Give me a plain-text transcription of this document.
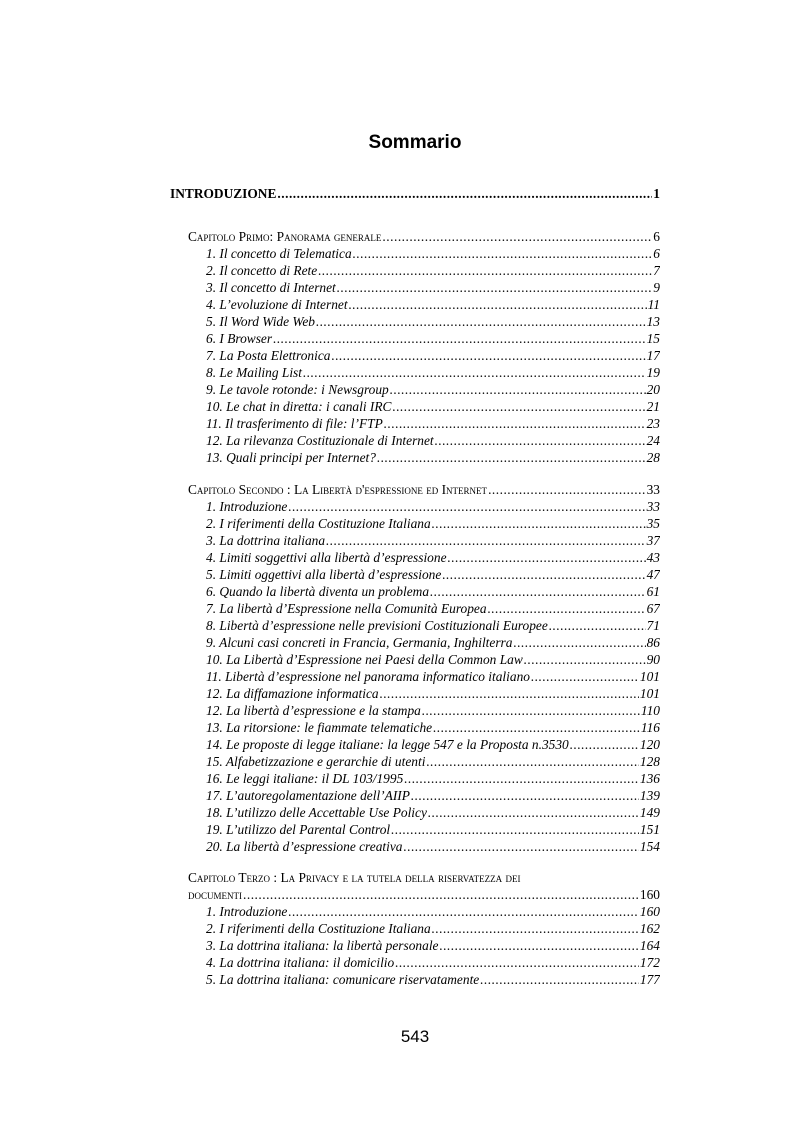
Sommario
INTRODUZIONE .....	1
Capitolo Primo: Panorama generale .....	6
1. Il concetto di Telematica .....	6
2. Il concetto di Rete .....	7
3. Il concetto di Internet .....	9
4. L’evoluzione di Internet .....	11
5. Il Word Wide Web .....	13
6. I Browser .....	15
7. La Posta Elettronica .....	17
8. Le Mailing List .....	19
9. Le tavole rotonde: i Newsgroup .....	20
10. Le chat in diretta: i canali IRC .....	21
11. Il trasferimento di file: l’FTP .....	23
12. La rilevanza Costituzionale di Internet .....	24
13. Quali principi per Internet? .....	28
Capitolo Secondo : La Libertà d'espressione ed Internet .....	33
1. Introduzione .....	33
2. I riferimenti della Costituzione Italiana .....	35
3. La dottrina italiana .....	37
4. Limiti soggettivi alla libertà d’espressione .....	43
5. Limiti oggettivi alla libertà d’espressione .....	47
6. Quando la libertà diventa un problema .....	61
7. La libertà d’Espressione nella Comunità Europea .....	67
8. Libertà d’espressione nelle previsioni Costituzionali Europee .....	71
9. Alcuni casi concreti in Francia, Germania, Inghilterra .....	86
10. La Libertà d’Espressione nei Paesi della Common Law .....	90
11. Libertà d’espressione nel panorama informatico italiano .....	101
12. La diffamazione informatica .....	101
12. La libertà d’espressione e la stampa .....	110
13. La ritorsione: le fiammate telematiche .....	116
14. Le proposte di legge italiane: la legge 547 e la Proposta n.3530 .....	120
15. Alfabetizzazione e gerarchie di utenti .....	128
16. Le leggi italiane: il DL 103/1995 .....	136
17. L’autoregolamentazione dell’AIIP .....	139
18. L’utilizzo delle Accettable Use Policy .....	149
19. L’utilizzo del Parental Control .....	151
20. La libertà d’espressione creativa .....	154
Capitolo Terzo : La Privacy e la tutela della riservatezza dei
documenti .....	160
1. Introduzione .....	160
2. I riferimenti della Costituzione Italiana .....	162
3. La dottrina italiana: la libertà personale .....	164
4. La dottrina italiana: il domicilio .....	172
5. La dottrina italiana: comunicare riservatamente .....	177
543
